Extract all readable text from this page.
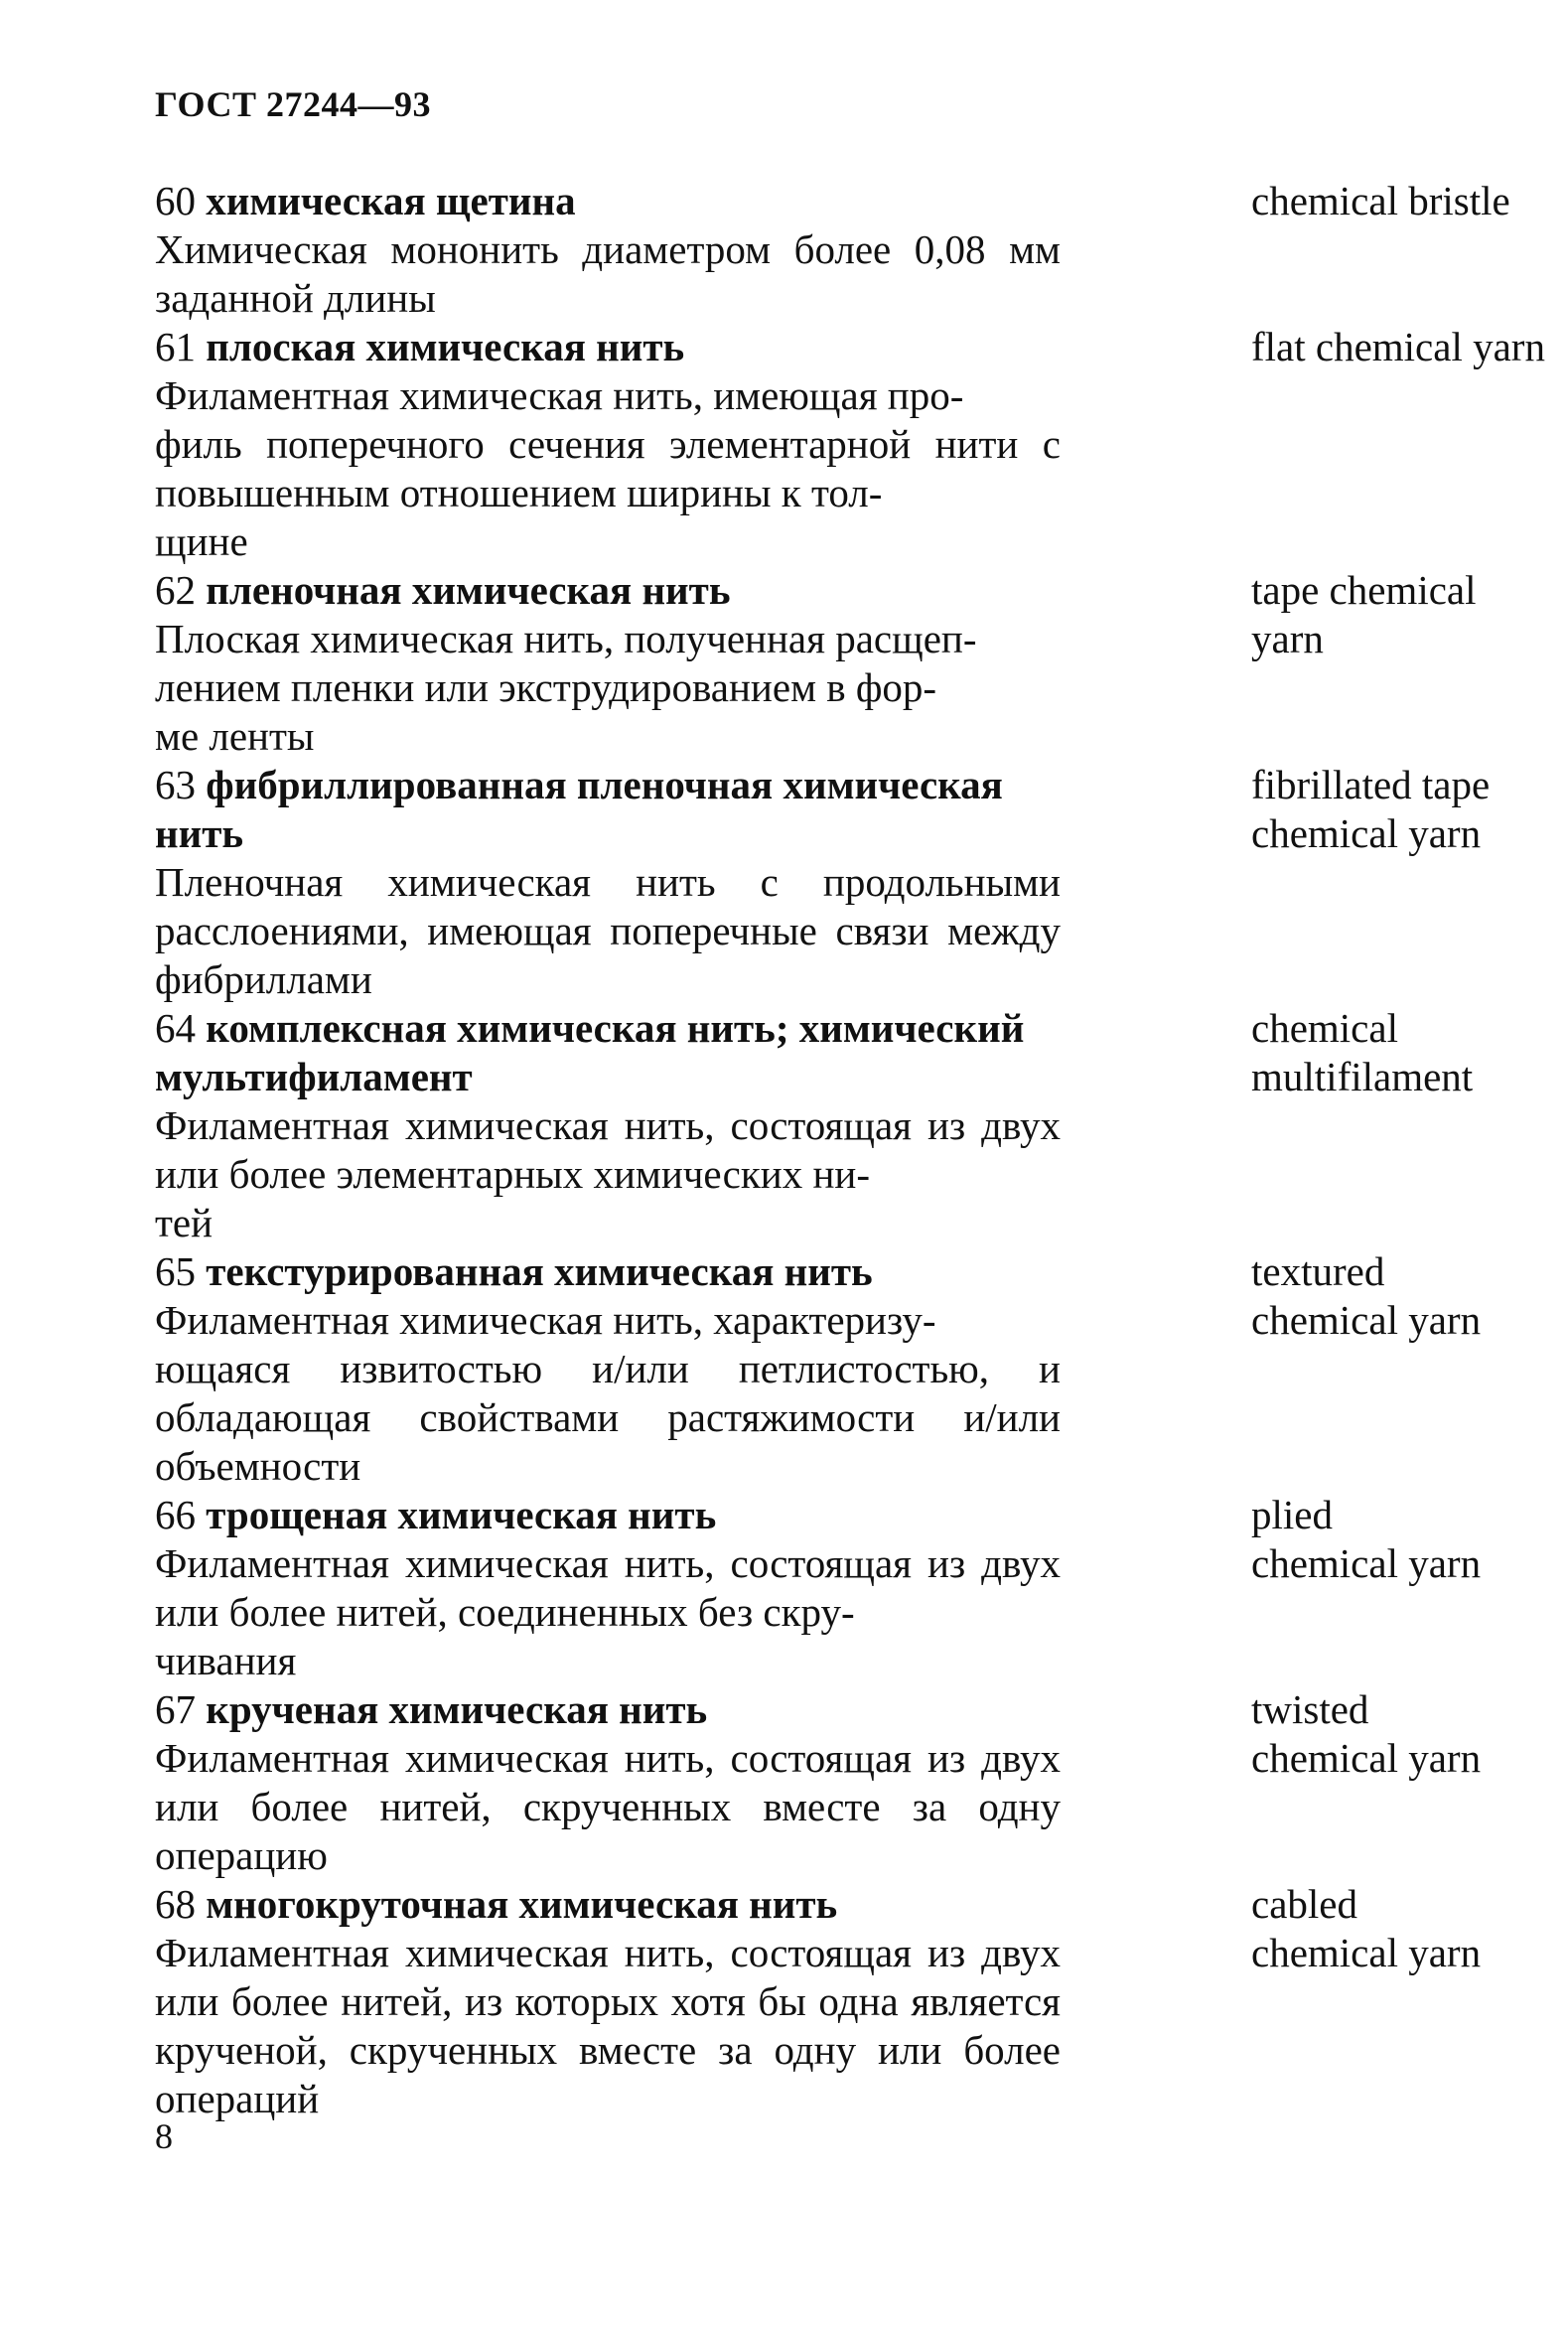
ГОСТ 27244—93
60 химическая щетина
Химическая мононить диаметром более 0,08 мм заданной длины
chemical bristle
61 плоская химическая нить
Филаментная химическая нить, имеющая про-
филь поперечного сечения элементарной нити с повышенным отношением ширины к тол-
щине
flat chemical yarn
62 пленочная химическая нить
Плоская химическая нить, полученная расщеп-
лением пленки или экструдированием в фор-
ме ленты
tape chemical yarn
63 фибриллированная пленочная химическая нить
Пленочная химическая нить с продольными расслоениями, имеющая поперечные связи между фибриллами
fibrillated tape
chemical yarn
64 комплексная химическая нить; химический мультифиламент
Филаментная химическая нить, состоящая из двух или более элементарных химических ни-
тей
chemical multifilament
65 текстурированная химическая нить
Филаментная химическая нить, характеризу-
ющаяся извитостью и/или петлистостью, и обладающая свойствами растяжимости и/или объемности
textured
chemical yarn
66 трощеная химическая нить
Филаментная химическая нить, состоящая из двух или более нитей, соединенных без скру-
чивания
plied
chemical yarn
67 крученая химическая нить
Филаментная химическая нить, состоящая из двух или более нитей, скрученных вместе за одну операцию
twisted
chemical yarn
68 многокруточная химическая нить
Филаментная химическая нить, состоящая из двух или более нитей, из которых хотя бы одна является крученой, скрученных вместе за одну или более операций
cabled
chemical yarn
8
